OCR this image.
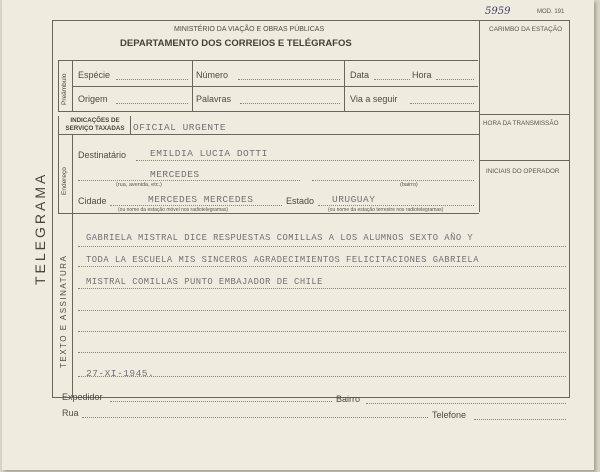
5959	MOD. 191
MINISTÉRIO DA VIAÇÃO E OBRAS PÚBLICAS
DEPARTAMENTO DOS CORREIOS E TELÉGRAFOS
CARIMBO DA ESTAÇÃO
Preâmbulo Espécie	Número	Data	Hora
Origem	Palavras	Via a seguir
INDICAÇÕES DE SERVIÇO TAXADAS OFICIAL URGENTE	HORA DA TRANSMISSÃO
INICIAIS DO OPERADOR
Endereço
Destinatário	EMILDIA LUCIA DOTTI
MERCEDES
(rua, avenida, etc.)	(bairro)
Cidade	MERCEDES MERCEDES	Estado URUGUAY
(ou nome da estação móvel nos radiotelegramas)	(ou nome da estação terrestre nos radiotelegramas)
TELEGRAMA
TEXTO E ASSINATURA
GABRIELA MISTRAL DICE RESPUESTAS COMILLAS A LOS ALUMNOS SEXTO AÑO Y
TODA LA ESCUELA MIS SINCEROS AGRADECIMIENTOS FELICITACIONES GABRIELA
MISTRAL COMILLAS PUNTO EMBAJADOR DE CHILE
27-XI-1945.
Expedidor	Bairro
Rua	Telefone
